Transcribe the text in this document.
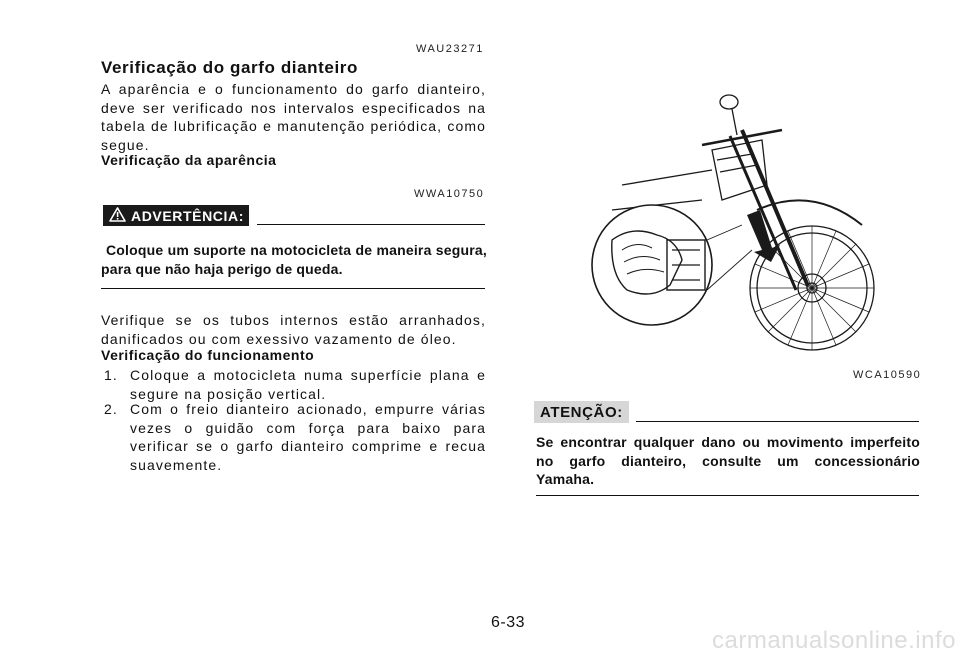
WAU23271
Verificação do garfo dianteiro
A aparência e o funcionamento do garfo dianteiro, deve ser verificado nos intervalos especificados na tabela de lubrificação e manutenção periódica, como segue.
Verificação da aparência
WWA10750
ADVERTÊNCIA:
Coloque um suporte na motocicleta de maneira segura, para que não haja perigo de queda.
Verifique se os tubos internos estão arranhados, danificados ou com exessivo vazamento de óleo.
Verificação do funcionamento
1. Coloque a motocicleta numa superfície plana e segure na posição vertical.
2. Com o freio dianteiro acionado, empurre várias vezes o guidão com força para baixo para verificar se o garfo dianteiro comprime e recua suavemente.
WCA10590
ATENÇÃO:
Se encontrar qualquer dano ou movimento imperfeito no garfo dianteiro, consulte um concessionário Yamaha.
6-33
carmanualsonline.info
